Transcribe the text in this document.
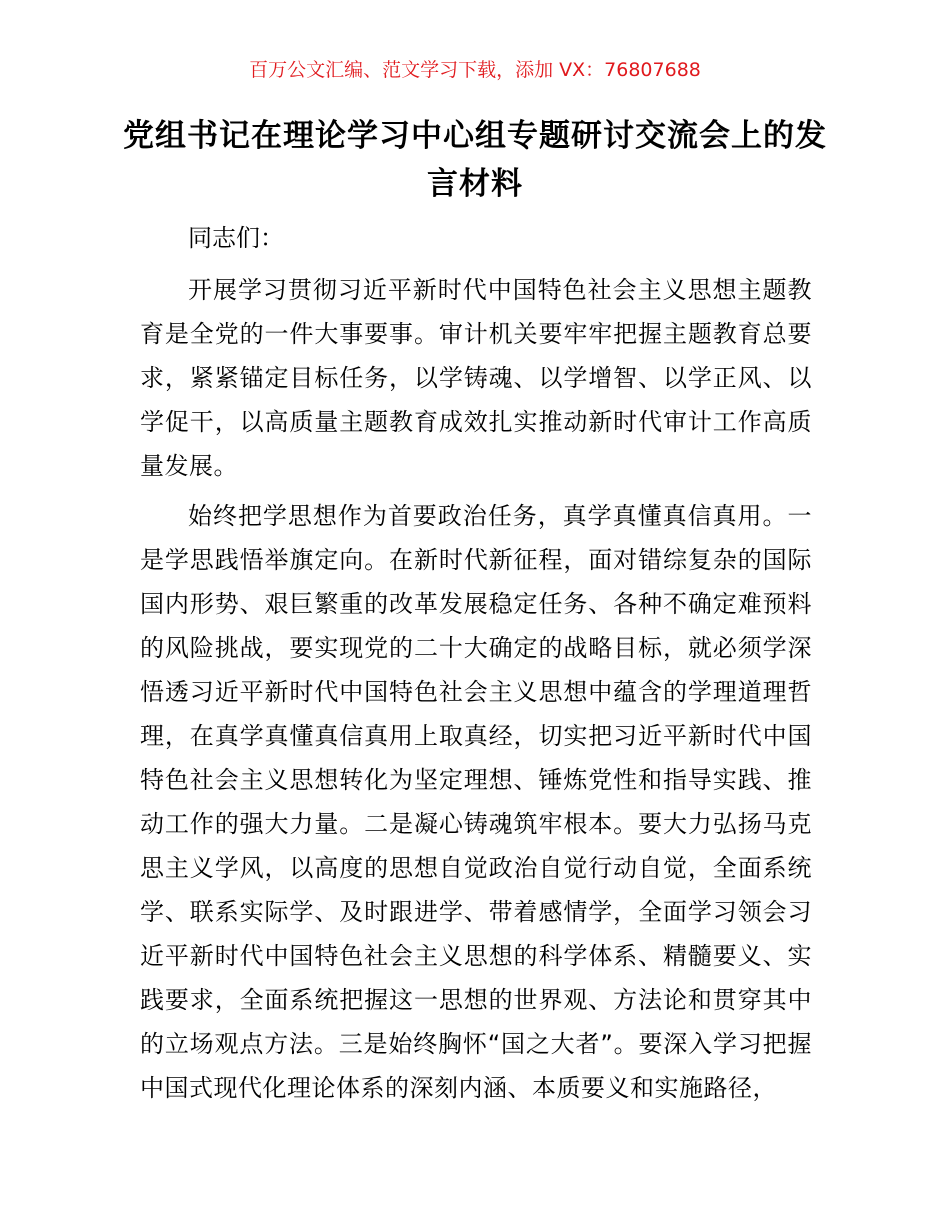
百万公文汇编、范文学习下载，添加 VX：76807688
党组书记在理论学习中心组专题研讨交流会上的发言材料
同志们：

开展学习贯彻习近平新时代中国特色社会主义思想主题教育是全党的一件大事要事。审计机关要牢牢把握主题教育总要求，紧紧锚定目标任务，以学铸魂、以学增智、以学正风、以学促干，以高质量主题教育成效扎实推动新时代审计工作高质量发展。

始终把学思想作为首要政治任务，真学真懂真信真用。一是学思践悟举旗定向。在新时代新征程，面对错综复杂的国际国内形势、艰巨繁重的改革发展稳定任务、各种不确定难预料的风险挑战，要实现党的二十大确定的战略目标，就必须学深悟透习近平新时代中国特色社会主义思想中蕴含的学理道理哲理，在真学真懂真信真用上取真经，切实把习近平新时代中国特色社会主义思想转化为坚定理想、锤炼党性和指导实践、推动工作的强大力量。二是凝心铸魂筑牢根本。要大力弘扬马克思主义学风，以高度的思想自觉政治自觉行动自觉，全面系统学、联系实际学、及时跟进学、带着感情学，全面学习领会习近平新时代中国特色社会主义思想的科学体系、精髓要义、实践要求，全面系统把握这一思想的世界观、方法论和贯穿其中的立场观点方法。三是始终胸怀“国之大者”。要深入学习把握中国式现代化理论体系的深刻内涵、本质要义和实施路径，
